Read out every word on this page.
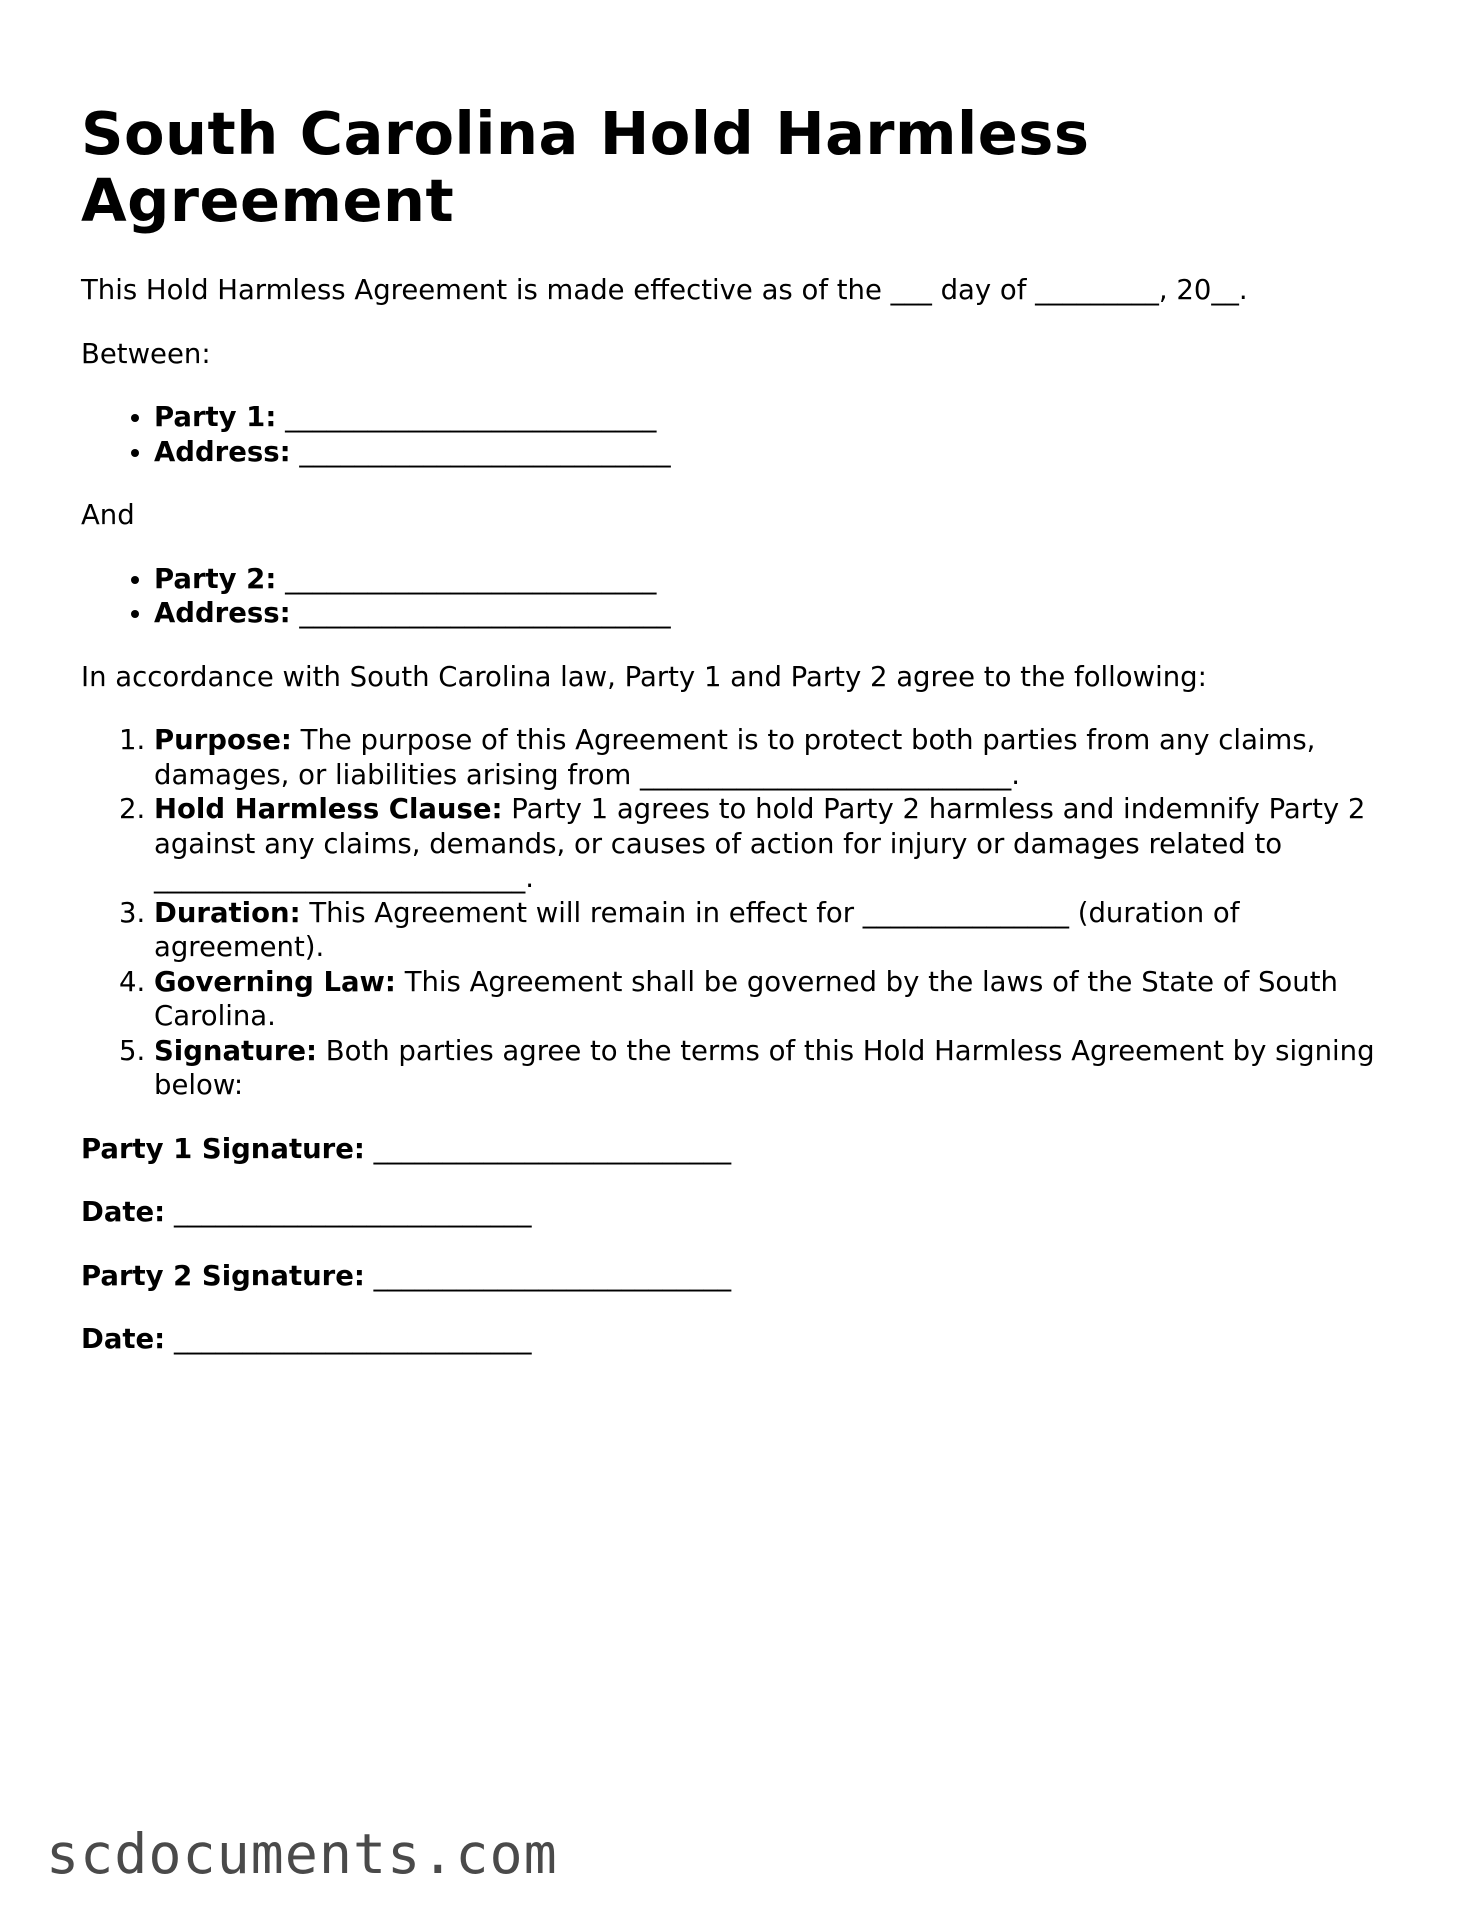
South Carolina Hold Harmless Agreement

This Hold Harmless Agreement is made effective as of the ___ day of _________, 20__.

Between:

• Party 1: ___________________________
• Address: ___________________________

And

• Party 2: ___________________________
• Address: ___________________________

In accordance with South Carolina law, Party 1 and Party 2 agree to the following:

1. Purpose: The purpose of this Agreement is to protect both parties from any claims, damages, or liabilities arising from ___________________________.
2. Hold Harmless Clause: Party 1 agrees to hold Party 2 harmless and indemnify Party 2 against any claims, demands, or causes of action for injury or damages related to ___________________________.
3. Duration: This Agreement will remain in effect for _______________ (duration of agreement).
4. Governing Law: This Agreement shall be governed by the laws of the State of South Carolina.
5. Signature: Both parties agree to the terms of this Hold Harmless Agreement by signing below:

Party 1 Signature: __________________________

Date: __________________________

Party 2 Signature: __________________________

Date: __________________________

scdocuments.com
